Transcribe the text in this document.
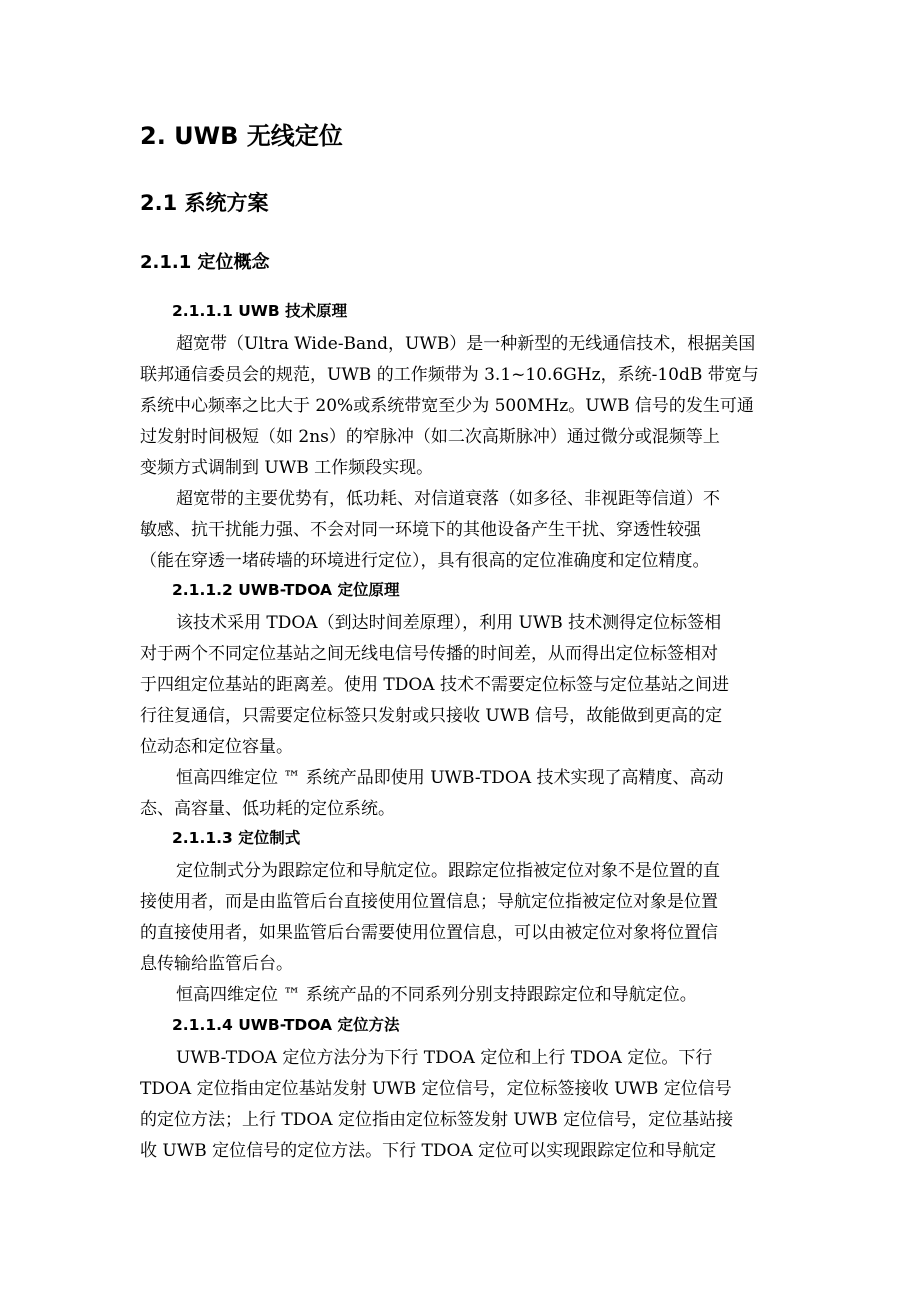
2. UWB 无线定位
2.1 系统方案
2.1.1 定位概念
2.1.1.1 UWB 技术原理
超宽带（Ultra Wide-Band，UWB）是一种新型的无线通信技术，根据美国
联邦通信委员会的规范，UWB 的工作频带为 3.1~10.6GHz，系统-10dB 带宽与
系统中心频率之比大于 20%或系统带宽至少为 500MHz。UWB 信号的发生可通
过发射时间极短（如 2ns）的窄脉冲（如二次高斯脉冲）通过微分或混频等上
变频方式调制到 UWB 工作频段实现。
超宽带的主要优势有，低功耗、对信道衰落（如多径、非视距等信道）不
敏感、抗干扰能力强、不会对同一环境下的其他设备产生干扰、穿透性较强
（能在穿透一堵砖墙的环境进行定位），具有很高的定位准确度和定位精度。
2.1.1.2 UWB-TDOA 定位原理
该技术采用 TDOA（到达时间差原理），利用 UWB 技术测得定位标签相
对于两个不同定位基站之间无线电信号传播的时间差，从而得出定位标签相对
于四组定位基站的距离差。使用 TDOA 技术不需要定位标签与定位基站之间进
行往复通信，只需要定位标签只发射或只接收 UWB 信号，故能做到更高的定
位动态和定位容量。
恒高四维定位 ™ 系统产品即使用 UWB-TDOA 技术实现了高精度、高动
态、高容量、低功耗的定位系统。
2.1.1.3 定位制式
定位制式分为跟踪定位和导航定位。跟踪定位指被定位对象不是位置的直
接使用者，而是由监管后台直接使用位置信息；导航定位指被定位对象是位置
的直接使用者，如果监管后台需要使用位置信息，可以由被定位对象将位置信
息传输给监管后台。
恒高四维定位 ™ 系统产品的不同系列分别支持跟踪定位和导航定位。
2.1.1.4 UWB-TDOA 定位方法
UWB-TDOA 定位方法分为下行 TDOA 定位和上行 TDOA 定位。下行
TDOA 定位指由定位基站发射 UWB 定位信号，定位标签接收 UWB 定位信号
的定位方法；上行 TDOA 定位指由定位标签发射 UWB 定位信号，定位基站接
收 UWB 定位信号的定位方法。下行 TDOA 定位可以实现跟踪定位和导航定
